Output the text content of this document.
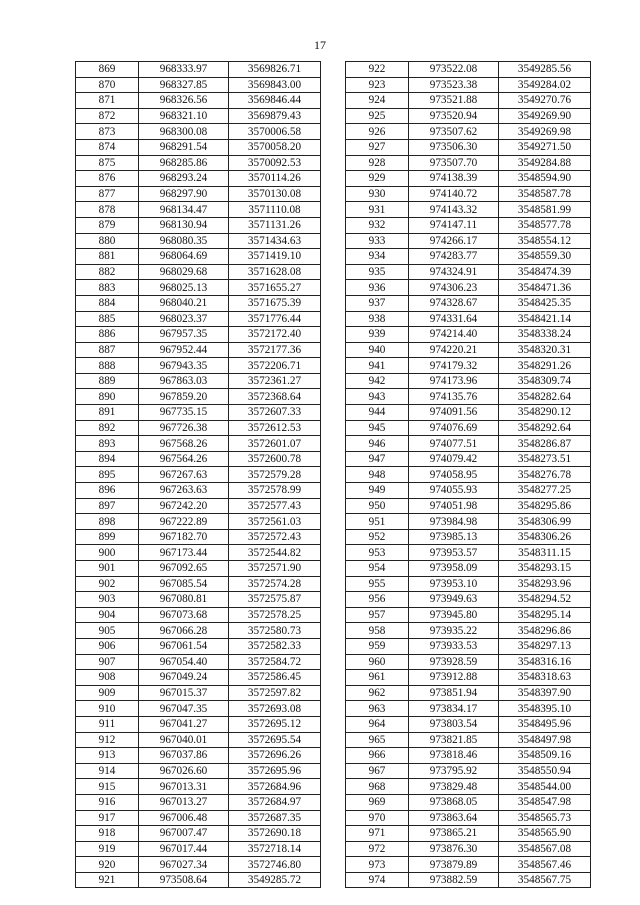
17
869	968333.97	3569826.71
870	968327.85	3569843.00
871	968326.56	3569846.44
872	968321.10	3569879.43
873	968300.08	3570006.58
874	968291.54	3570058.20
875	968285.86	3570092.53
876	968293.24	3570114.26
877	968297.90	3570130.08
878	968134.47	3571110.08
879	968130.94	3571131.26
880	968080.35	3571434.63
881	968064.69	3571419.10
882	968029.68	3571628.08
883	968025.13	3571655.27
884	968040.21	3571675.39
885	968023.37	3571776.44
886	967957.35	3572172.40
887	967952.44	3572177.36
888	967943.35	3572206.71
889	967863.03	3572361.27
890	967859.20	3572368.64
891	967735.15	3572607.33
892	967726.38	3572612.53
893	967568.26	3572601.07
894	967564.26	3572600.78
895	967267.63	3572579.28
896	967263.63	3572578.99
897	967242.20	3572577.43
898	967222.89	3572561.03
899	967182.70	3572572.43
900	967173.44	3572544.82
901	967092.65	3572571.90
902	967085.54	3572574.28
903	967080.81	3572575.87
904	967073.68	3572578.25
905	967066.28	3572580.73
906	967061.54	3572582.33
907	967054.40	3572584.72
908	967049.24	3572586.45
909	967015.37	3572597.82
910	967047.35	3572693.08
911	967041.27	3572695.12
912	967040.01	3572695.54
913	967037.86	3572696.26
914	967026.60	3572695.96
915	967013.31	3572684.96
916	967013.27	3572684.97
917	967006.48	3572687.35
918	967007.47	3572690.18
919	967017.44	3572718.14
920	967027.34	3572746.80
921	973508.64	3549285.72
922	973522.08	3549285.56
923	973523.38	3549284.02
924	973521.88	3549270.76
925	973520.94	3549269.90
926	973507.62	3549269.98
927	973506.30	3549271.50
928	973507.70	3549284.88
929	974138.39	3548594.90
930	974140.72	3548587.78
931	974143.32	3548581.99
932	974147.11	3548577.78
933	974266.17	3548554.12
934	974283.77	3548559.30
935	974324.91	3548474.39
936	974306.23	3548471.36
937	974328.67	3548425.35
938	974331.64	3548421.14
939	974214.40	3548338.24
940	974220.21	3548320.31
941	974179.32	3548291.26
942	974173.96	3548309.74
943	974135.76	3548282.64
944	974091.56	3548290.12
945	974076.69	3548292.64
946	974077.51	3548286.87
947	974079.42	3548273.51
948	974058.95	3548276.78
949	974055.93	3548277.25
950	974051.98	3548295.86
951	973984.98	3548306.99
952	973985.13	3548306.26
953	973953.57	3548311.15
954	973958.09	3548293.15
955	973953.10	3548293.96
956	973949.63	3548294.52
957	973945.80	3548295.14
958	973935.22	3548296.86
959	973933.53	3548297.13
960	973928.59	3548316.16
961	973912.88	3548318.63
962	973851.94	3548397.90
963	973834.17	3548395.10
964	973803.54	3548495.96
965	973821.85	3548497.98
966	973818.46	3548509.16
967	973795.92	3548550.94
968	973829.48	3548544.00
969	973868.05	3548547.98
970	973863.64	3548565.73
971	973865.21	3548565.90
972	973876.30	3548567.08
973	973879.89	3548567.46
974	973882.59	3548567.75
